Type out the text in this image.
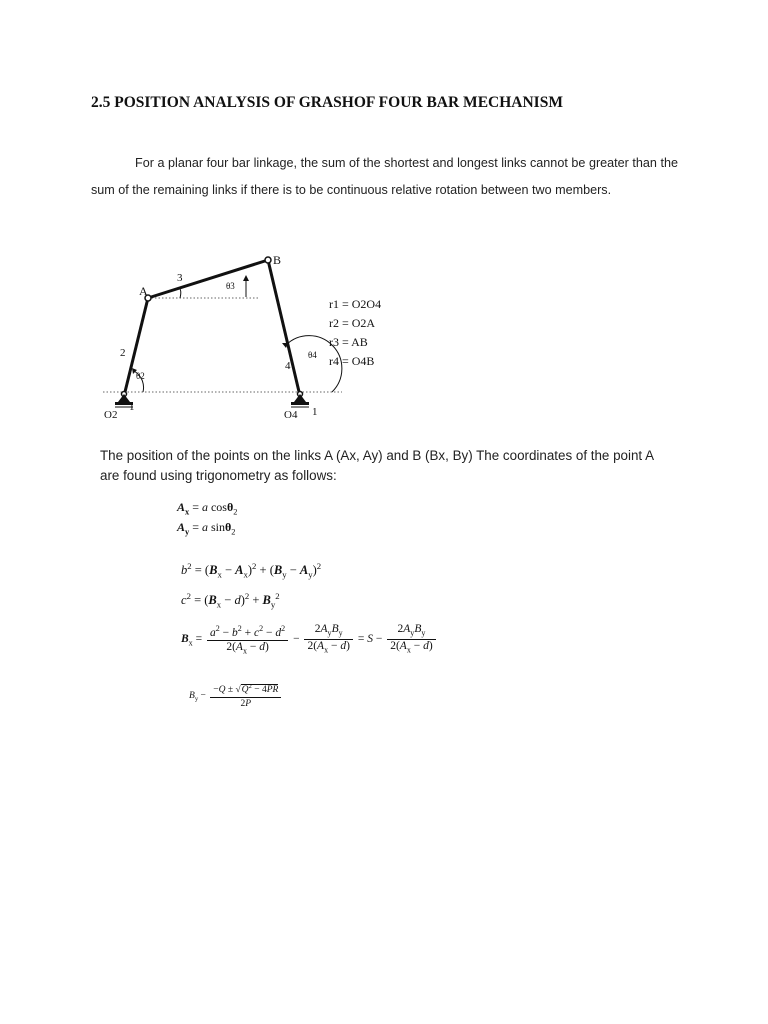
2.5 POSITION ANALYSIS OF GRASHOF FOUR BAR MECHANISM

For a planar four bar linkage, the sum of the shortest and longest links cannot be greater than the sum of the remaining links if there is to be continuous relative rotation between two members.

A
B
3
2
4
θ2
θ3
θ4
1	1
O2	O4
r1 = O2O4
r2 = O2A
r3 = AB
r4 = O4B

The position of the points on the links A (Ax, Ay) and B (Bx, By) The coordinates of the point A are found using trigonometry as follows:

$A_x = a$ cosθ$_2$
$A_y = a$ sinθ$_2$
$b^2 = (B_x - A_x)^2 + (B_y - A_y)^2$
$c^2 = (B_x - d)^2 + B_y^2$
$B_x = \frac{a^2 - b^2 + c^2 - d^2}{2(A_x - d)} - \frac{2A_yB_y}{2(A_x - d)} = S - \frac{2A_yB_y}{2(A_x - d)}$
$B_y - \frac{-Q \pm √Q^2 - 4PR}{2P}$
